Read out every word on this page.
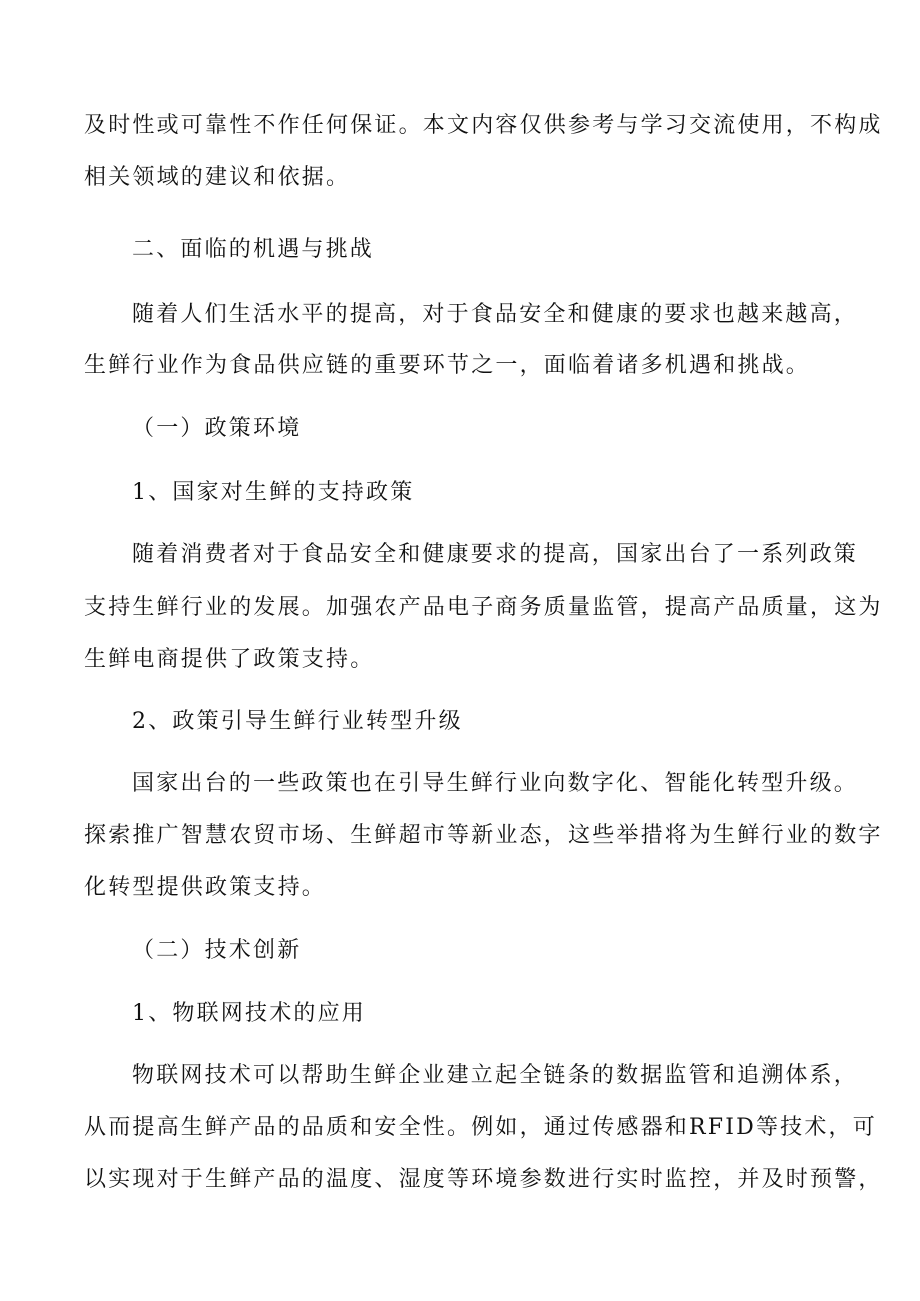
及时性或可靠性不作任何保证。本文内容仅供参考与学习交流使用，不构成
相关领域的建议和依据。
二、面临的机遇与挑战
随着人们生活水平的提高，对于食品安全和健康的要求也越来越高，
生鲜行业作为食品供应链的重要环节之一，面临着诸多机遇和挑战。
（一）政策环境
1、国家对生鲜的支持政策
随着消费者对于食品安全和健康要求的提高，国家出台了一系列政策
支持生鲜行业的发展。加强农产品电子商务质量监管，提高产品质量，这为
生鲜电商提供了政策支持。
2、政策引导生鲜行业转型升级
国家出台的一些政策也在引导生鲜行业向数字化、智能化转型升级。
探索推广智慧农贸市场、生鲜超市等新业态，这些举措将为生鲜行业的数字
化转型提供政策支持。
（二）技术创新
1、物联网技术的应用
物联网技术可以帮助生鲜企业建立起全链条的数据监管和追溯体系，
从而提高生鲜产品的品质和安全性。例如，通过传感器和RFID等技术，可
以实现对于生鲜产品的温度、湿度等环境参数进行实时监控，并及时预警，
